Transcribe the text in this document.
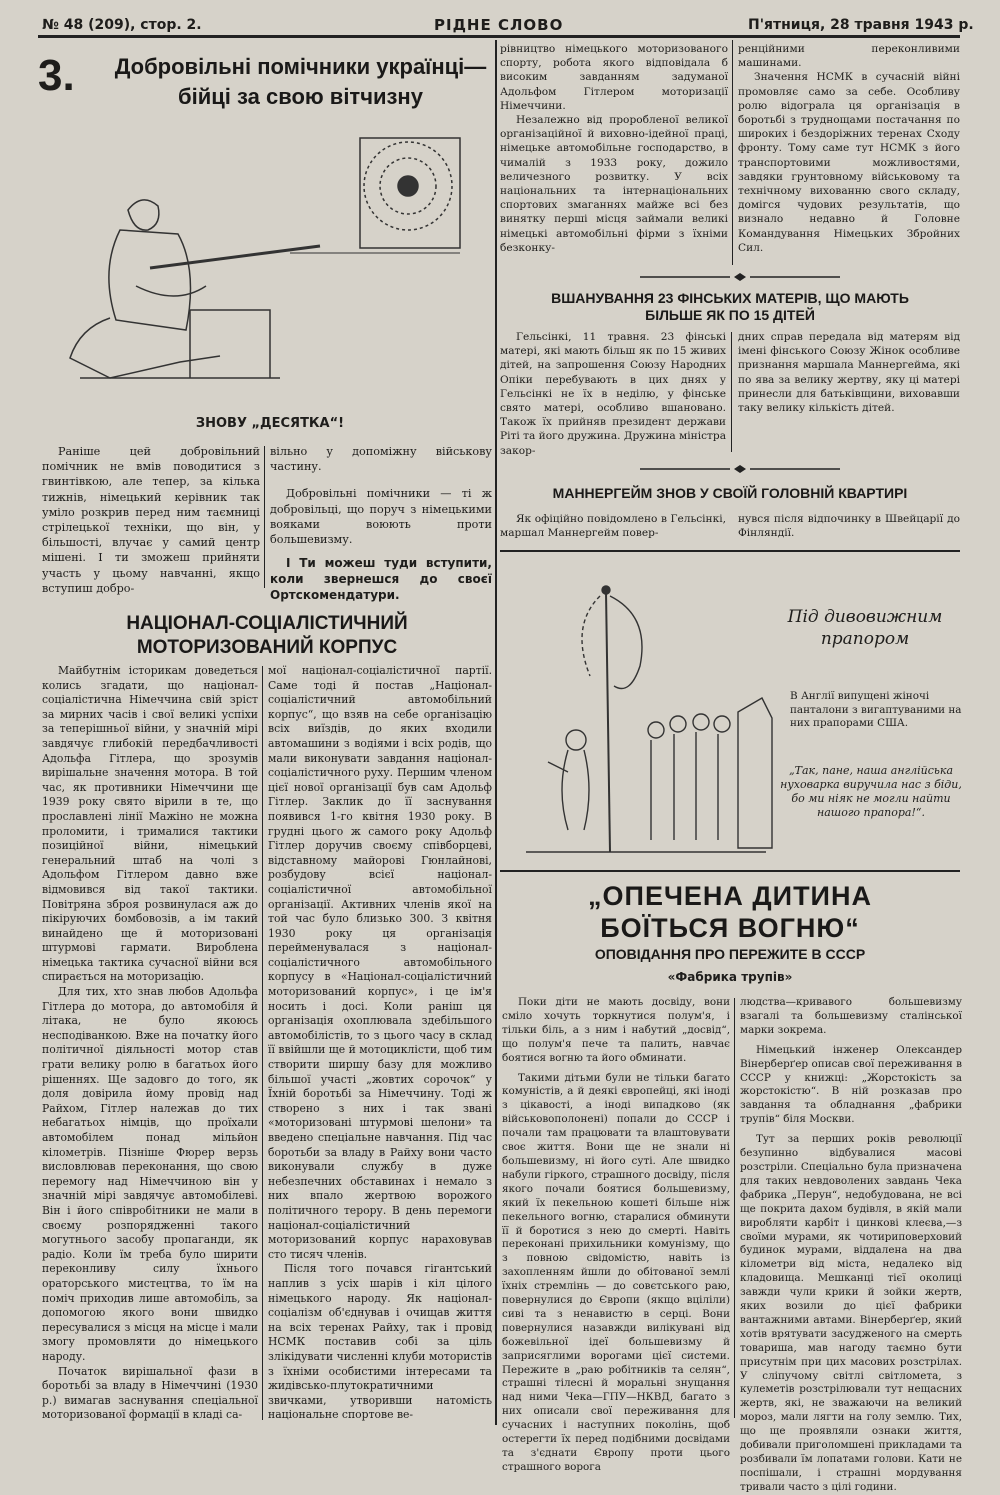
№ 48 (209), стор. 2.	РІДНЕ СЛОВО	П'ятниця, 28 травня 1943 р.
3.	Добровільні помічники українці—
бійці за свою вітчизну
ЗНОВУ „ДЕСЯТКА“!

Раніше цей добровільний помічник не вмів поводитися з гвинтівкою, але тепер, за кілька тижнів, німецький керівник так уміло розкрив перед ним таємниці стрілецької техніки, що він, у більшості, влучає у самий центр мішені. І ти зможеш прийняти участь у цьому навчанні, якщо вступиш добро-

вільно у допоміжну військову частину.

Добровільні помічники — ті ж добровільці, що поруч з німецькими вояками воюють проти большевизму.

І Ти можеш туди вступити, коли звернешся до своєї Ортскомендатури.

НАЦІОНАЛ-СОЦІАЛІСТИЧНИЙ
МОТОРИЗОВАНИЙ КОРПУС

Майбутнім історикам доведеться колись згадати, що націонал-соціалістична Німеччина свій зріст за мирних часів і свої великі успіхи за теперішньої війни, у значній мірі завдячує глибокій передбачливості Адольфа Гітлера, що зрозумів вирішальне значення мотора. В той час, як противники Німеччини ще 1939 року свято вірили в те, що прославлені лінії Мажіно не можна проломити, і трималися тактики позиційної війни, німецький генеральний штаб на чолі з Адольфом Гітлером давно вже відмовився від такої тактики. Повітряна зброя розвинулася аж до пікіруючих бомбовозів, а ім такий винайдено ще й моторизовані штурмові гармати. Вироблена німецька тактика сучасної війни вся спирається на моторизацію.

Для тих, хто знав любов Адольфа Гітлера до мотора, до автомобіля й літака, не було якоюсь несподіванкою. Вже на початку його політичної діяльності мотор став грати велику ролю в багатьох його рішеннях. Ще задовго до того, як доля довірила йому провід над Райхом, Гітлер належав до тих небагатьох німців, що проїхали автомобілем понад мільйон кілометрів. Пізніше Фюрер верзь висловлював переконання, що свою перемогу над Німеччиною він у значній мірі завдячує автомобілеві. Він і його співробітники не мали в своєму розпорядженні такого могутнього засобу пропаганди, як радіо. Коли їм треба було ширити переконливу силу їхнього ораторського мистецтва, то їм на поміч приходив лише автомобіль, за допомогою якого вони швидко пересувалися з місця на місце і мали змогу промовляти до німецького народу.

Початок вирішальної фази в боротьбі за владу в Німеччині (1930 р.) вимагав заснування спеціальної моторизованої формації в кладі са-

мої націонал-соціалістичної партії. Саме тоді й постав „Націонал-соціалістичний автомобільний корпус“, що взяв на себе організацію всіх виїздів, до яких входили автомашини з водіями і всіх родів, що мали виконувати завдання націонал-соціалістичного руху. Першим членом цієї нової організації був сам Адольф Гітлер. Заклик до її заснування появився 1-го квітня 1930 року. В грудні цього ж самого року Адольф Гітлер доручив своєму співборцеві, відставному майорові Гюнлайнові, розбудову всієї націонал-соціалістичної автомобільної організації. Активних членів якої на той час було близько 300. З квітня 1930 року ця організація перейменувалася з націонал-соціалістичного автомобільного корпусу в «Націонал-соціалістичний моторизований корпус», і це ім'я носить і досі. Коли раніш ця організація охоплювала здебільшого автомобілістів, то з цього часу в склад її ввійшли ще й мотоциклісти, щоб тим створити ширшу базу для можливо більшої участі „жовтих сорочок“ у Їхній боротьбі за Німеччину. Тоді ж створено з них і так звані «моторизовані штурмові шелони» та введено спеціальне навчання. Під час боротьби за владу в Райху вони часто виконували службу в дуже небезпечних обставинах і немало з них впало жертвою ворожого політичного терору. В день перемоги націонал-соціалістичний моторизований корпус нараховував сто тисяч членів.

Після того почався гігантський наплив з усіх шарів і кіл цілого німецького народу. Як націонал-соціалізм об'єднував і очищав життя на всіх теренах Райху, так і провід НСМК поставив собі за ціль злікідувати численні клуби мотористів з їхніми особистими інтересами та жидівсько-плутократичними звичками, утворивши натомість національне спортове ве-

рівництво німецького моторизованого спорту, робота якого відповідала б високим завданням задуманої Адольфом Гітлером моторизації Німеччини.

Незалежно від проробленої великої організаційної й виховно-ідейної праці, німецьке автомобільне господарство, в чималій з 1933 року, дожило величезного розвитку. У всіх національних та інтернаціональних спортових змаганнях майже всі без винятку перші місця займали великі німецькі автомобільні фірми з їхніми безконку-

ренційними переконливими машинами.

Значення НСМК в сучасній війні промовляє само за себе. Особливу ролю відограла ця організація в боротьбі з труднощами постачання по широких і бездоріжних теренах Сходу фронту. Тому саме тут НСМК з його транспортовими можливостями, завдяки грунтовному військовому та технічному вихованню свого складу, домігся чудових результатів, що визнало недавно й Головне Командування Німецьких Збройних Сил.

ВШАНУВАННЯ 23 ФІНСЬКИХ МАТЕРІВ, ЩО МАЮТЬ
БІЛЬШЕ ЯК ПО 15 ДІТЕЙ

Гельсінкі, 11 травня. 23 фінські матері, які мають більш як по 15 живих дітей, на запрошення Союзу Народних Опіки перебувають в цих днях у Гельсінкі не їх в неділю, у фінське свято матері, особливо вшановано. Також їх прийняв президент держави Ріті та його дружина. Дружина міністра закор-

дних справ передала від матерям від імені фінського Союзу Жінок особливе признання маршала Маннергейма, які по ява за велику жертву, яку ці матері принесли для батьківщини, виховавши таку велику кількість дітей.

МАННЕРГЕЙМ ЗНОВ У СВОЇЙ ГОЛОВНІЙ КВАРТИРІ

Як офіційно повідомлено в Гельсінкі, маршал Маннергейм повер-

нувся після відпочинку в Швейцарії до Фінляндії.

Під дивовижним
прапором
В Англії випущені жіночі панталони з вигаптуваними на них прапорами США.
„Так, пане, наша англійська нуховарка виручила нас з біди, бо ми ніяк не могли найти нашого прапора!“.
„ОПЕЧЕНА ДИТИНА
БОЇТЬСЯ ВОГНЮ“
ОПОВІДАННЯ ПРО ПЕРЕЖИТЕ В СССР
«Фабрика трупів»

Поки діти не мають досвіду, вони сміло хочуть торкнутися полум'я, і тільки біль, а з ним і набутий „досвід“, що полум'я пече та палить, навчає боятися вогню та його обминати.

Такими дітьми були не тільки багато комуністів, а й деякі європейці, які іноді з цікавості, а іноді випадково (як військовополонені) попали до СССР і почали там працювати та влаштовувати своє життя. Вони ще не знали ні большевизму, ні його суті. Але швидко набули гіркого, страшного досвіду, після якого почали боятися большевизму, який їх пекельною кошеті більше ніж пекельного вогню, старалися обминути її й боротися з нею до смерті. Навіть переконані прихильники комунізму, що з повною свідомістю, навіть із захопленням йшли до обітованої землі їхніх стремлінь — до совєтського раю, повернулися до Європи (якщо вціліли) сиві та з ненавистю в серці. Вони повернулися назавжди вилікувані від божевільної ідеї большевизму й заприсяглими ворогами цієї системи. Пережите в „раю робітників та селян“, страшні тілесні й моральні знущання над ними Чека—ГПУ—НКВД, багато з них описали свої переживання для сучасних і наступних поколінь, щоб остерегти їх перед подібними досвідами та з'єднати Європу проти цього страшного ворога

людства—кривавого большевизму взагалі та большевизму сталінської марки зокрема.

Німецький інженер Олександер Вінерберґер описав свої переживання в СССР у книжці: „Жорстокість за жорстокістю“. В ній розказав про завдання та обладнання „фабрики трупів“ біля Москви.

Тут за перших років революції безупинно відбувалися масові розстріли. Спеціально була призначена для таких невдоволених завдань Чека фабрика „Перун“, недобудована, не всі ще покрита дахом будівля, в якій мали виробляти карбіт і цинкові клеєва,—з своїми мурами, як чотириповерховий будинок мурами, віддалена на два кілометри від міста, недалеко від кладовища. Мешканці тієї околиці завжди чули крики й зойки жертв, яких возили до цієї фабрики вантажними автами. Вінерберґер, який хотів врятувати засудженого на смерть товариша, мав нагоду таємно бути присутнім при цих масових розстрілах. У сліпучому світлі світломета, з кулеметів розстрілювали тут нещасних жертв, які, не зважаючи на великий мороз, мали лягти на голу землю. Тих, що ще проявляли ознаки життя, добивали приголомшені прикладами та розбивали їм лопатами голови. Кати не поспішали, і страшні мордування тривали часто з цілі години.
